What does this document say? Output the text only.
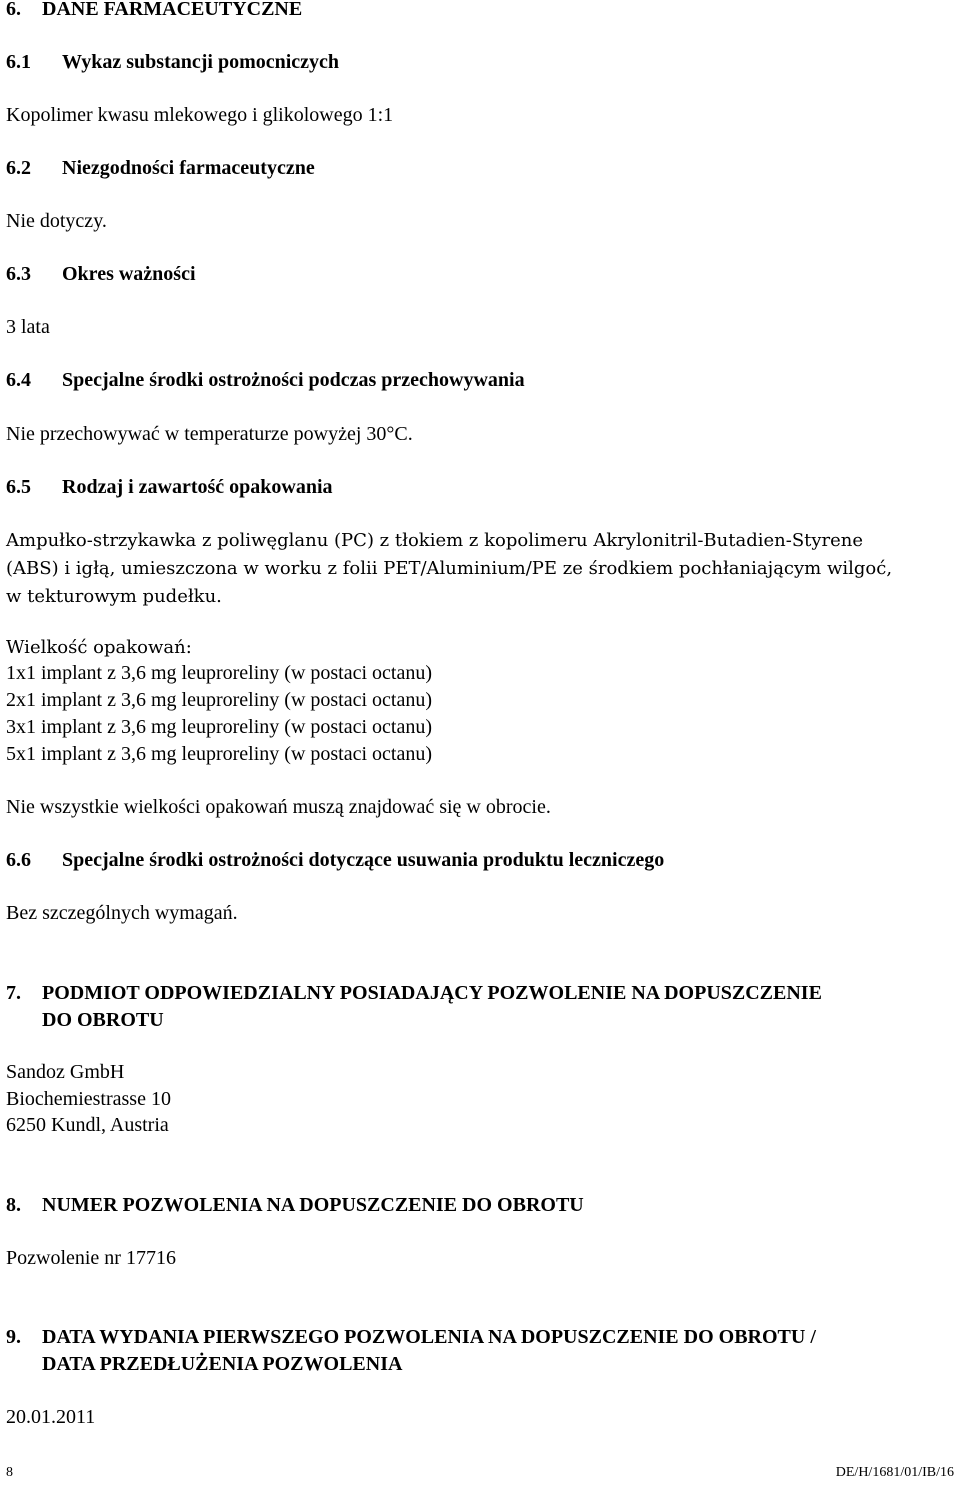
6. DANE FARMACEUTYCZNE
6.1 Wykaz substancji pomocniczych
Kopolimer kwasu mlekowego i glikolowego 1:1
6.2 Niezgodności farmaceutyczne
Nie dotyczy.
6.3 Okres ważności
3 lata
6.4 Specjalne środki ostrożności podczas przechowywania
Nie przechowywać w temperaturze powyżej 30°C.
6.5 Rodzaj i zawartość opakowania
Ampułko-strzykawka z poliwęglanu (PC) z tłokiem z kopolimeru Akrylonitril-Butadien-Styrene
(ABS) i igłą, umieszczona w worku z folii PET/Aluminium/PE ze środkiem pochłaniającym wilgoć,
w tekturowym pudełku.
Wielkość opakowań:
1x1 implant z 3,6 mg leuproreliny (w postaci octanu)
2x1 implant z 3,6 mg leuproreliny (w postaci octanu)
3x1 implant z 3,6 mg leuproreliny (w postaci octanu)
5x1 implant z 3,6 mg leuproreliny (w postaci octanu)
Nie wszystkie wielkości opakowań muszą znajdować się w obrocie.
6.6 Specjalne środki ostrożności dotyczące usuwania produktu leczniczego
Bez szczególnych wymagań.
7. PODMIOT ODPOWIEDZIALNY POSIADAJĄCY POZWOLENIE NA DOPUSZCZENIE
DO OBROTU
Sandoz GmbH
Biochemiestrasse 10
6250 Kundl, Austria
8. NUMER POZWOLENIA NA DOPUSZCZENIE DO OBROTU
Pozwolenie nr 17716
9. DATA WYDANIA PIERWSZEGO POZWOLENIA NA DOPUSZCZENIE DO OBROTU /
DATA PRZEDŁUŻENIA POZWOLENIA
20.01.2011
8	DE/H/1681/01/IB/16
